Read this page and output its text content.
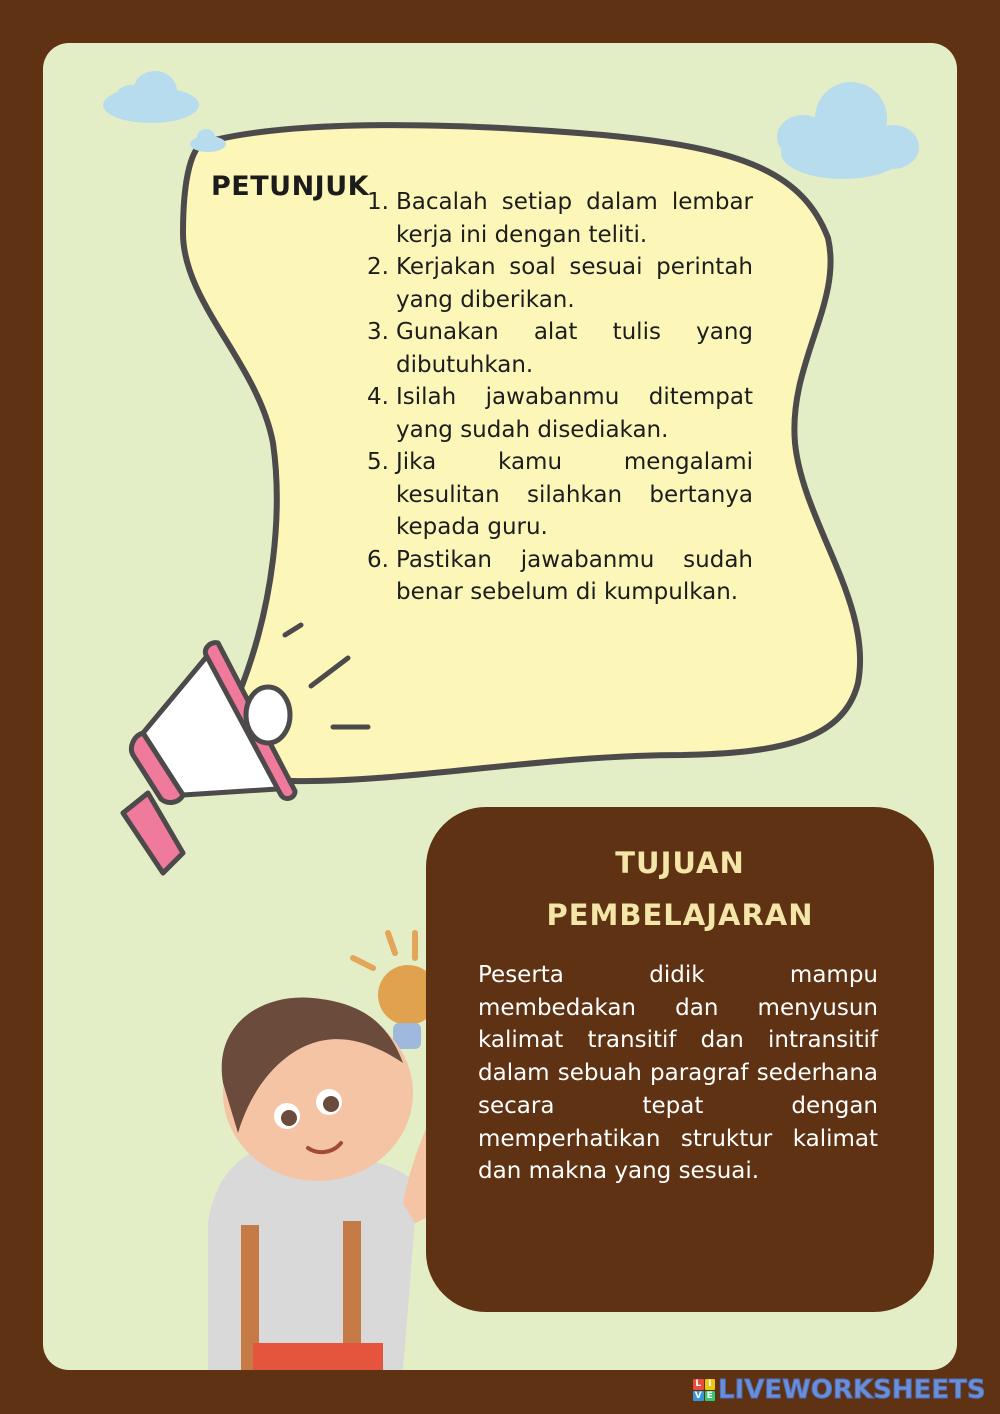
PETUNJUK
1. Bacalah setiap dalam lembar kerja ini dengan teliti.
2. Kerjakan soal sesuai perintah yang diberikan.
3. Gunakan alat tulis yang dibutuhkan.
4. Isilah jawabanmu ditempat yang sudah disediakan.
5. Jika kamu mengalami kesulitan silahkan bertanya kepada guru.
6. Pastikan jawabanmu sudah benar sebelum di kumpulkan.
TUJUAN
PEMBELAJARAN
Peserta didik mampu membedakan dan menyusun kalimat transitif dan intransitif dalam sebuah paragraf sederhana secara tepat dengan memperhatikan struktur kalimat dan makna yang sesuai.
L I
V E LIVEWORKSHEETS
